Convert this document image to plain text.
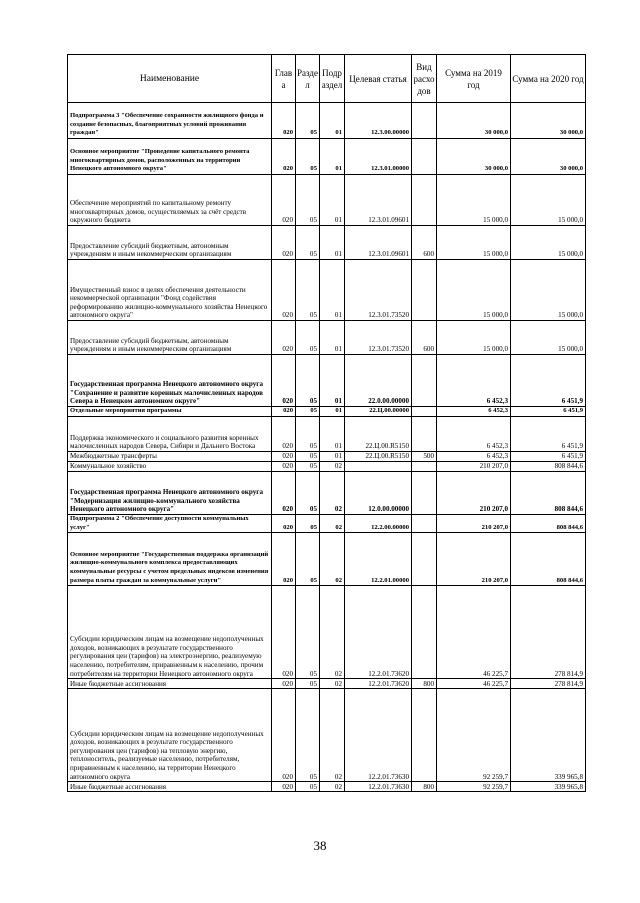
Наименование	Глава	Раздел	Подраздел	Целевая статья	Вид расходов	Сумма на 2019 год	Сумма на 2020 год
Подпрограмма 3 "Обеспечение сохранности жилищного фонда и создание безопасных, благоприятных условий проживания граждан"	020	05	01	12.3.00.00000		30 000,0	30 000,0
Основное мероприятие "Проведение капитального ремонта многоквартирных домов, расположенных на территории Ненецкого автономного округа"	020	05	01	12.3.01.00000		30 000,0	30 000,0
Обеспечение мероприятий по капитальному ремонту многоквартирных домов, осуществляемых за счёт средств окружного бюджета	020	05	01	12.3.01.09601		15 000,0	15 000,0
Предоставление субсидий бюджетным, автономным учреждениям и иным некоммерческим организациям	020	05	01	12.3.01.09601	600	15 000,0	15 000,0
Имущественный взнос в целях обеспечения деятельности некоммерческой организации "Фонд содействия реформированию жилищно-коммунального хозяйства Ненецкого автономного округа"	020	05	01	12.3.01.73520		15 000,0	15 000,0
Предоставление субсидий бюджетным, автономным учреждениям и иным некоммерческим организациям	020	05	01	12.3.01.73520	600	15 000,0	15 000,0
Государственная программа Ненецкого автономного округа "Сохранение и развитие коренных малочисленных народов Севера в Ненецком автономном округе"	020	05	01	22.0.00.00000		6 452,3	6 451,9
Отдельные мероприятия программы	020	05	01	22.Ц.00.00000		6 452,3	6 451,9
Поддержка экономического и социального развития коренных малочисленных народов Севера, Сибири и Дальнего Востока	020	05	01	22.Ц.00.R5150		6 452,3	6 451,9
Межбюджетные трансферты	020	05	01	22.Ц.00.R5150	500	6 452,3	6 451,9
Коммунальное хозяйство	020	05	02			210 207,0	808 844,6
Государственная программа Ненецкого автономного округа "Модернизация жилищно-коммунального хозяйства Ненецкого автономного округа"	020	05	02	12.0.00.00000		210 207,0	808 844,6
Подпрограмма 2 "Обеспечение доступности коммунальных услуг"	020	05	02	12.2.00.00000		210 207,0	808 844,6
Основное мероприятие "Государственная поддержка организаций жилищно-коммунального комплекса предоставляющих коммунальные ресурсы с учетом предельных индексов изменения размера платы граждан за коммунальные услуги"	020	05	02	12.2.01.00000		210 207,0	808 844,6
Субсидии юридическим лицам на возмещение недополученных доходов, возникающих в результате государственного регулирования цен (тарифов) на электроэнергию, реализуемую населению, потребителям, приравненным к населению, прочим потребителям на территории Ненецкого автономного округа	020	05	02	12.2.01.73620		46 225,7	278 814,9
Иные бюджетные ассигнования	020	05	02	12.2.01.73620	800	46 225,7	278 814,9
Субсидии юридическим лицам на возмещение недополученных доходов, возникающих в результате государственного регулирования цен (тарифов) на тепловую энергию, теплоноситель, реализуемые населению, потребителям, приравненным к населению, на территории Ненецкого автономного округа	020	05	02	12.2.01.73630		92 259,7	339 965,8
Иные бюджетные ассигнования	020	05	02	12.2.01.73630	800	92 259,7	339 965,8
38
